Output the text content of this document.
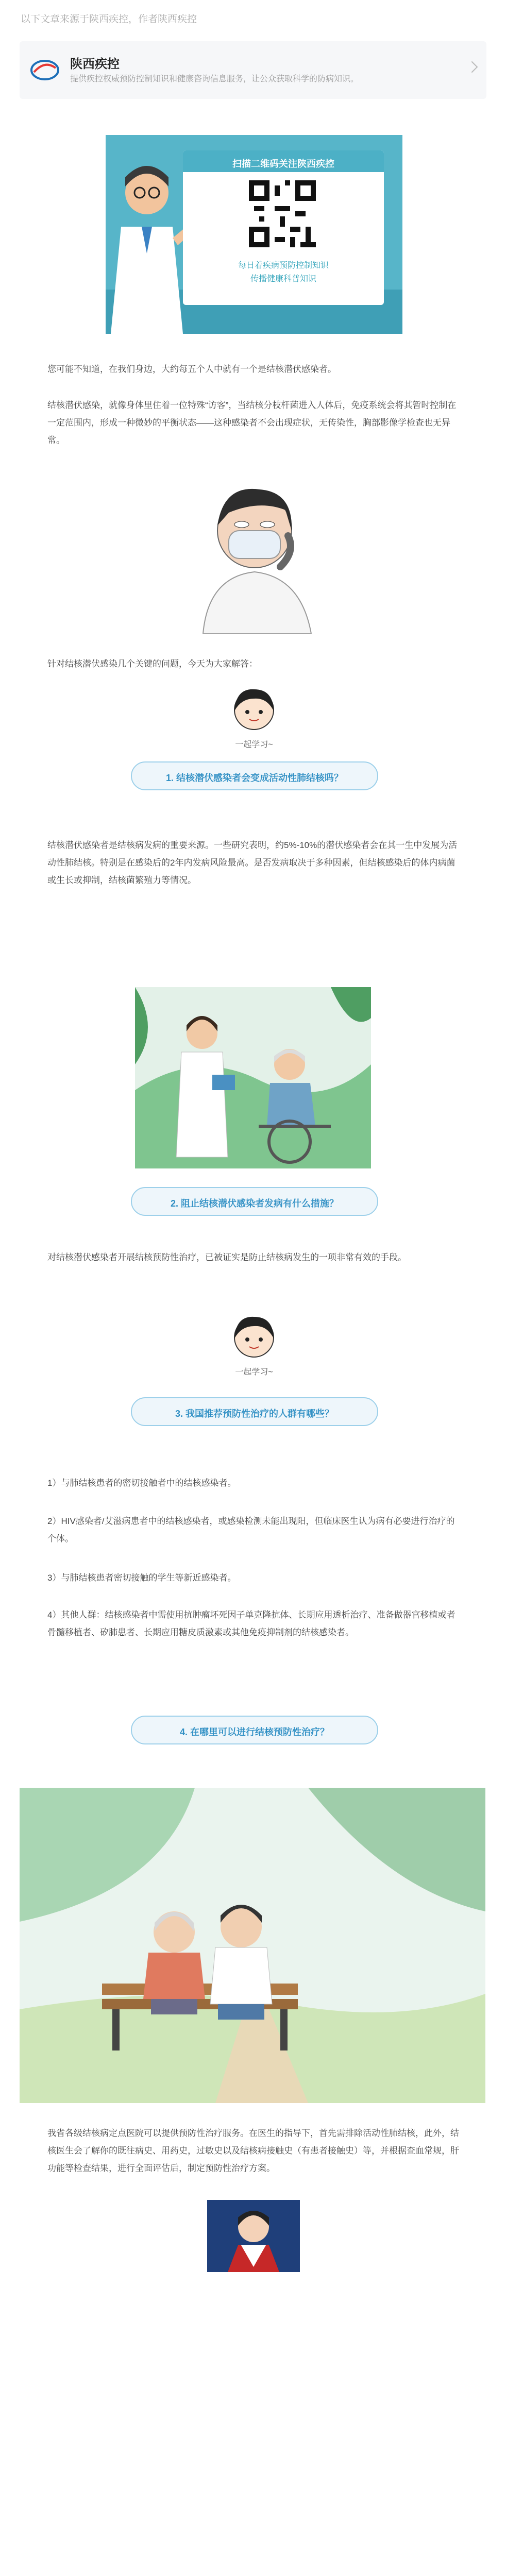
以下文章来源于陕西疾控，作者陕西疾控
陕西疾控
提供疾控权威预防控制知识和健康咨询信息服务，让公众获取科学的防病知识。
扫描二维码关注陕西疾控
每日着疾病预防控制知识
传播健康科普知识

您可能不知道，在我们身边，大约每五个人中就有一个是结核潜伏感染者。

结核潜伏感染，就像身体里住着一位特殊“访客”，当结核分枝杆菌进入人体后，免疫系统会将其暂时控制在一定范围内，形成一种微妙的平衡状态——这种感染者不会出现症状，无传染性，胸部影像学检查也无异常。

针对结核潜伏感染几个关键的问题，今天为大家解答：

一起学习~
1. 结核潜伏感染者会变成活动性肺结核吗？

结核潜伏感染者是结核病发病的重要来源。一些研究表明，约5%-10%的潜伏感染者会在其一生中发展为活动性肺结核。特别是在感染后的2年内发病风险最高。是否发病取决于多种因素，但结核感染后的体内病菌或生长或抑制，结核菌繁殖力等情况。

2. 阻止结核潜伏感染者发病有什么措施？

对结核潜伏感染者开展结核预防性治疗，已被证实是防止结核病发生的一项非常有效的手段。

一起学习~
3. 我国推荐预防性治疗的人群有哪些？

1）与肺结核患者的密切接触者中的结核感染者。

2）HIV感染者/艾滋病患者中的结核感染者，或感染检测未能出现阳，但临床医生认为病有必要进行治疗的个体。

3）与肺结核患者密切接触的学生等新近感染者。

4）其他人群：结核感染者中需使用抗肿瘤坏死因子单克隆抗体、长期应用透析治疗、准备做器官移植或者骨髓移植者、矽肺患者、长期应用糖皮质激素或其他免疫抑制剂的结核感染者。

4. 在哪里可以进行结核预防性治疗？

我省各级结核病定点医院可以提供预防性治疗服务。在医生的指导下，首先需排除活动性肺结核，此外，结核医生会了解你的既往病史、用药史，过敏史以及结核病接触史（有患者接触史）等，并根据查血常规，肝功能等检查结果，进行全面评估后，制定预防性治疗方案。
